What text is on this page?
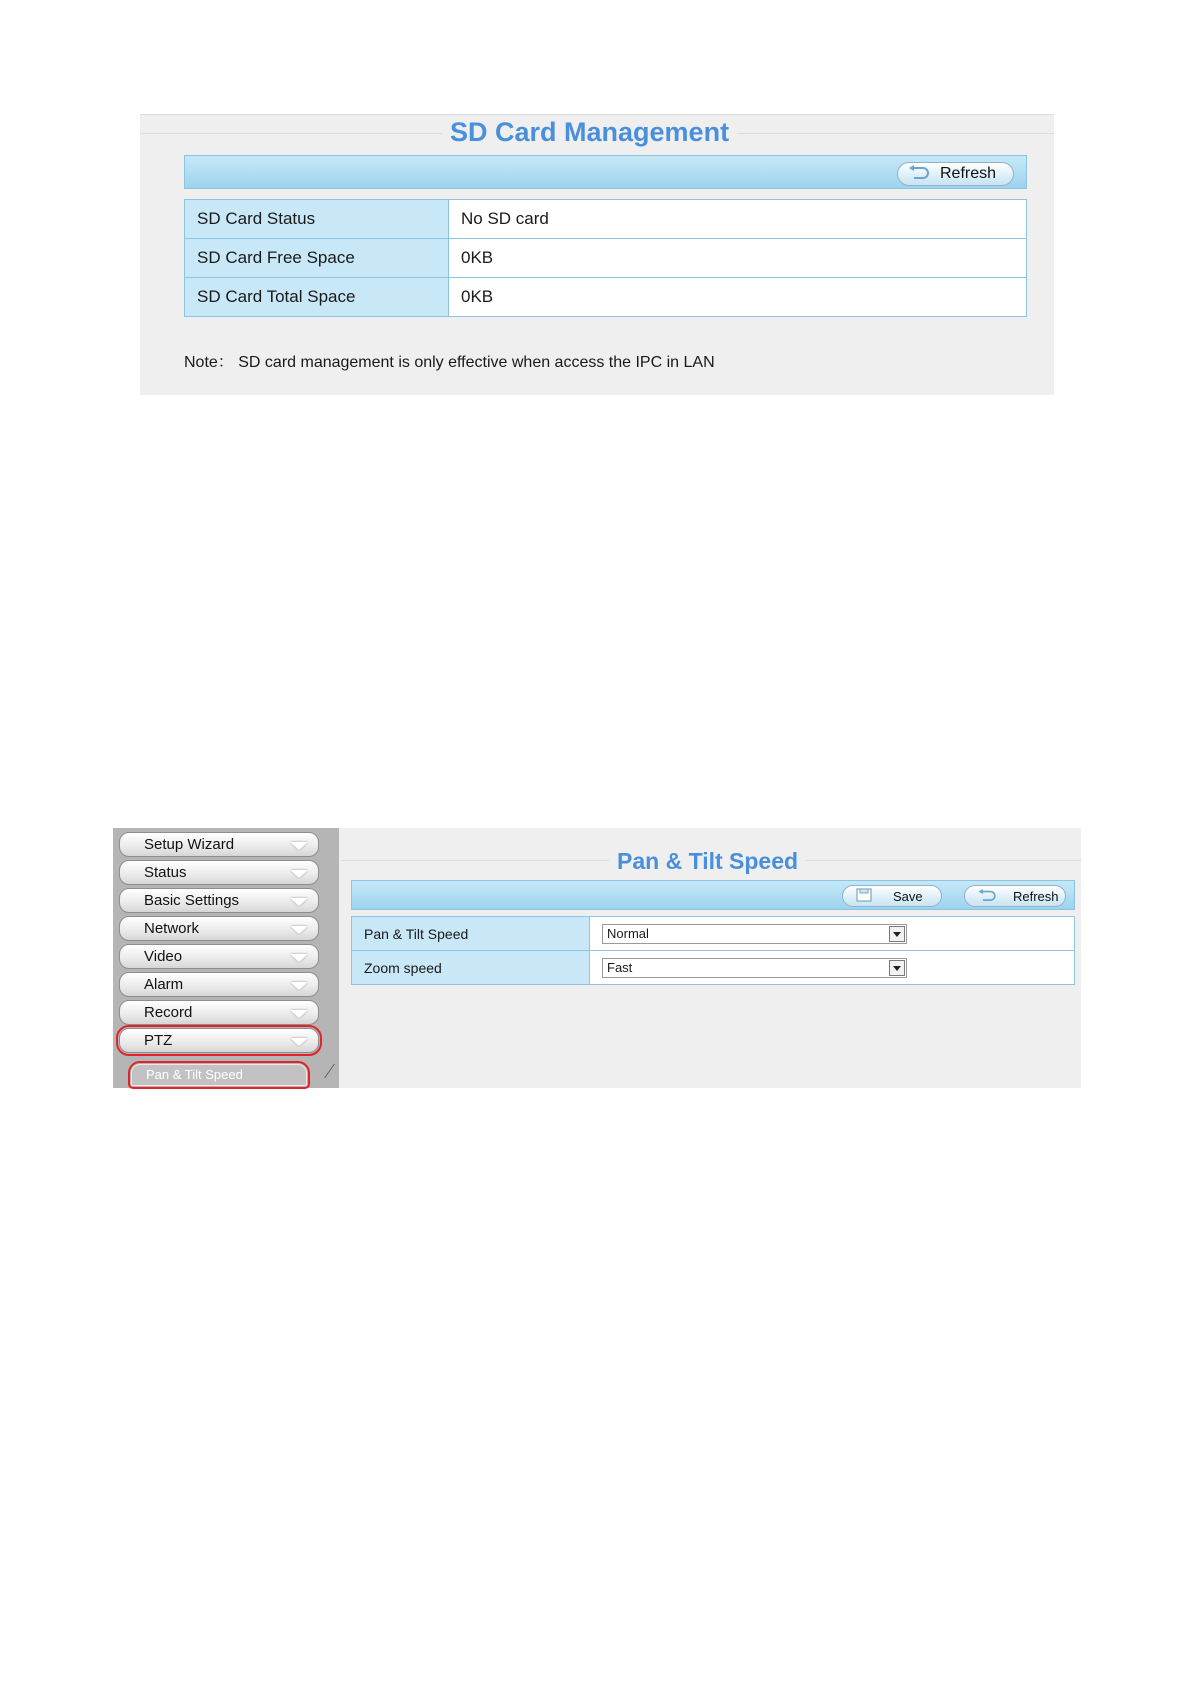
SD Card Management
Refresh
SD Card Status	No SD card
SD Card Free Space	0KB
SD Card Total Space	0KB
Note： SD card management is only effective when access the IPC in LAN
Setup Wizard
Status
Basic Settings
Network
Video
Alarm
Record
PTZ
Pan & Tilt Speed
Pan & Tilt Speed
Save	Refresh
Pan & Tilt Speed	Normal

Zoom speed	Fast
